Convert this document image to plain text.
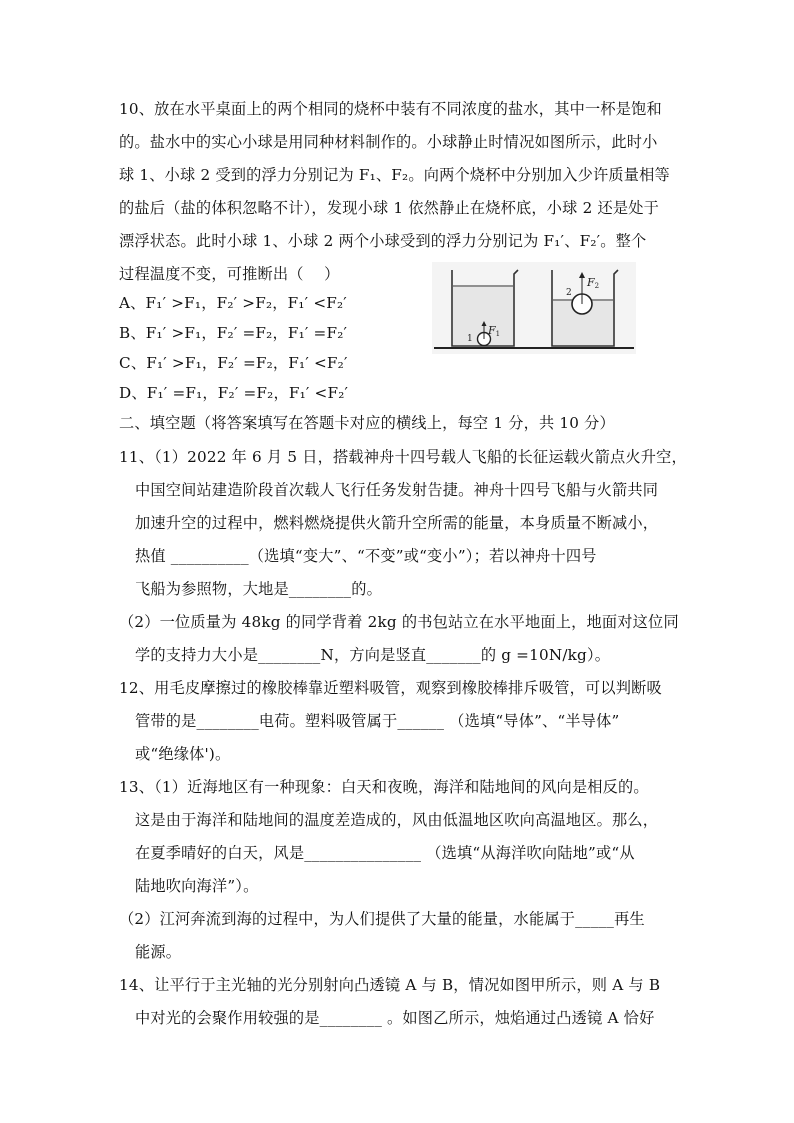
10、放在水平桌面上的两个相同的烧杯中装有不同浓度的盐水，其中一杯是饱和
的。盐水中的实心小球是用同种材料制作的。小球静止时情况如图所示，此时小
球 1、小球 2 受到的浮力分别记为 F₁、F₂。向两个烧杯中分别加入少许质量相等
的盐后（盐的体积忽略不计），发现小球 1 依然静止在烧杯底，小球 2 还是处于
漂浮状态。此时小球 1、小球 2 两个小球受到的浮力分别记为 F₁′、F₂′。整个
过程温度不变，可推断出（　 ）
A、F₁′ >F₁，F₂′ >F₂，F₁′ <F₂′
B、F₁′ >F₁，F₂′ =F₂，F₁′ =F₂′
C、F₁′ >F₁，F₂′ =F₂，F₁′ <F₂′
D、F₁′ =F₁，F₂′ =F₂，F₁′ <F₂′
1
F1
2
F2
二、填空题（将答案填写在答题卡对应的横线上，每空 1 分，共 10 分）
11、（1）2022 年 6 月 5 日，搭载神舟十四号载人飞船的长征运载火箭点火升空，
中国空间站建造阶段首次载人飞行任务发射告捷。神舟十四号飞船与火箭共同
加速升空的过程中，燃料燃烧提供火箭升空所需的能量，本身质量不断减小，
热值 __________（选填“变大”、“不变”或“变小”）；若以神舟十四号
飞船为参照物，大地是________的。
（2）一位质量为 48kg 的同学背着 2kg 的书包站立在水平地面上，地面对这位同
学的支持力大小是________N，方向是竖直_______的 g =10N/kg）。
12、用毛皮摩擦过的橡胶棒靠近塑料吸管，观察到橡胶棒排斥吸管，可以判断吸
管带的是________电荷。塑料吸管属于______ （选填“导体”、“半导体”
或“绝缘体')。
13、（1）近海地区有一种现象：白天和夜晚，海洋和陆地间的风向是相反的。
这是由于海洋和陆地间的温度差造成的，风由低温地区吹向高温地区。那么，
在夏季晴好的白天，风是_______________ （选填“从海洋吹向陆地”或“从
陆地吹向海洋”）。
（2）江河奔流到海的过程中，为人们提供了大量的能量，水能属于_____再生
能源。
14、让平行于主光轴的光分别射向凸透镜 A 与 B，情况如图甲所示，则 A 与 B
中对光的会聚作用较强的是________ 。如图乙所示，烛焰通过凸透镜 A 恰好
